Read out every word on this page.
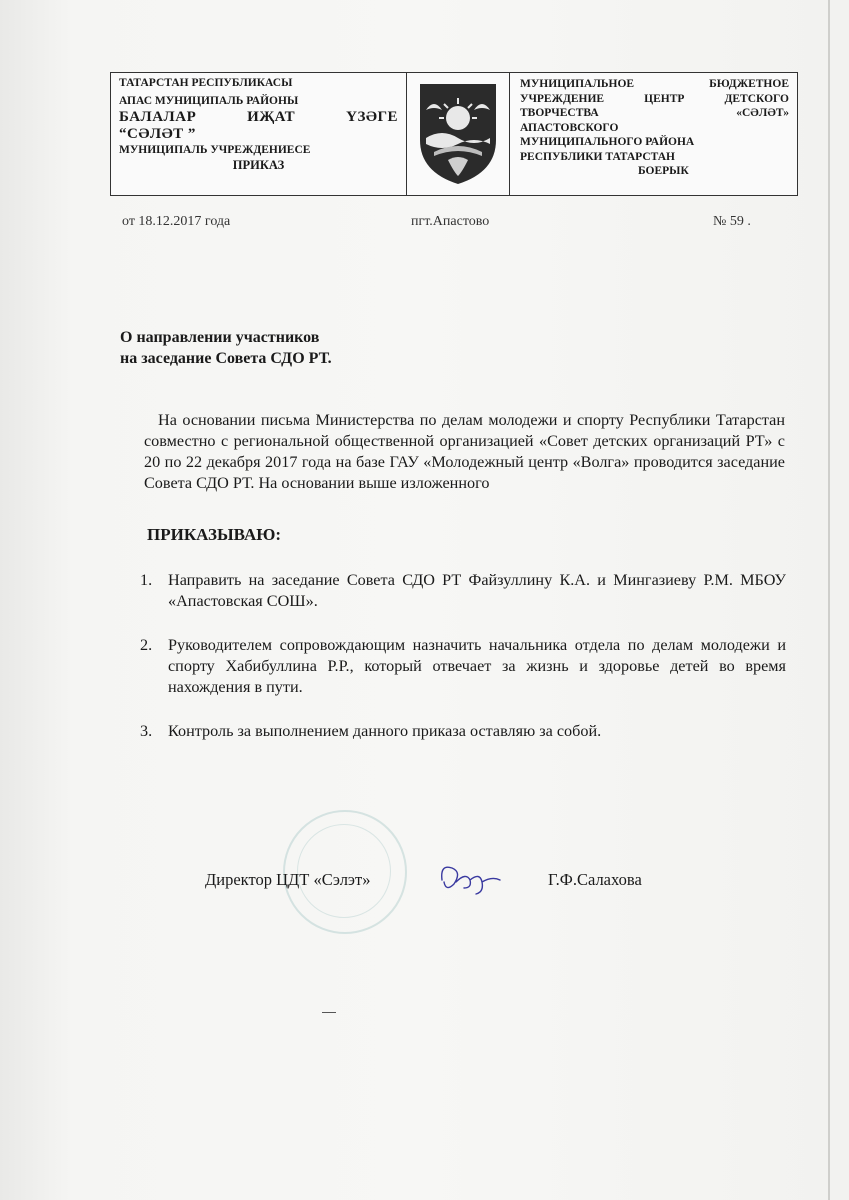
ТАТАРСТАН РЕСПУБЛИКАСЫ
АПАС МУНИЦИПАЛЬ РАЙОНЫ
БАЛАЛАР	ИҖАТ	ҮЗӘГЕ
“СӘЛӘТ ”
МУНИЦИПАЛЬ УЧРЕЖДЕНИЕСЕ
ПРИКАЗ
МУНИЦИПАЛЬНОЕ	БЮДЖЕТНОЕ
УЧРЕЖДЕНИЕ	ЦЕНТР	ДЕТСКОГО
ТВОРЧЕСТВА	«СӘЛӘТ»
АПАСТОВСКОГО
МУНИЦИПАЛЬНОГО РАЙОНА
РЕСПУБЛИКИ ТАТАРСТАН
БОЕРЫК
от 18.12.2017 года	пгт.Апастово	№ 59 .
О направлении участников
на заседание Совета СДО РТ.
На основании письма Министерства по делам молодежи и спорту Республики Татарстан совместно с региональной общественной организацией «Совет детских организаций РТ» с 20 по 22 декабря 2017 года на базе ГАУ «Молодежный центр «Волга» проводится заседание Совета СДО РТ. На основании выше изложенного
ПРИКАЗЫВАЮ:
1. Направить на заседание Совета СДО РТ Файзуллину К.А. и Мингазиеву Р.М. МБОУ «Апастовская СОШ».
2. Руководителем сопровождающим назначить начальника отдела по делам молодежи и спорту Хабибуллина Р.Р., который отвечает за жизнь и здоровье детей во время нахождения в пути.
3. Контроль за выполнением данного приказа оставляю за собой.
Директор ЦДТ «Сэлэт»	Г.Ф.Салахова
